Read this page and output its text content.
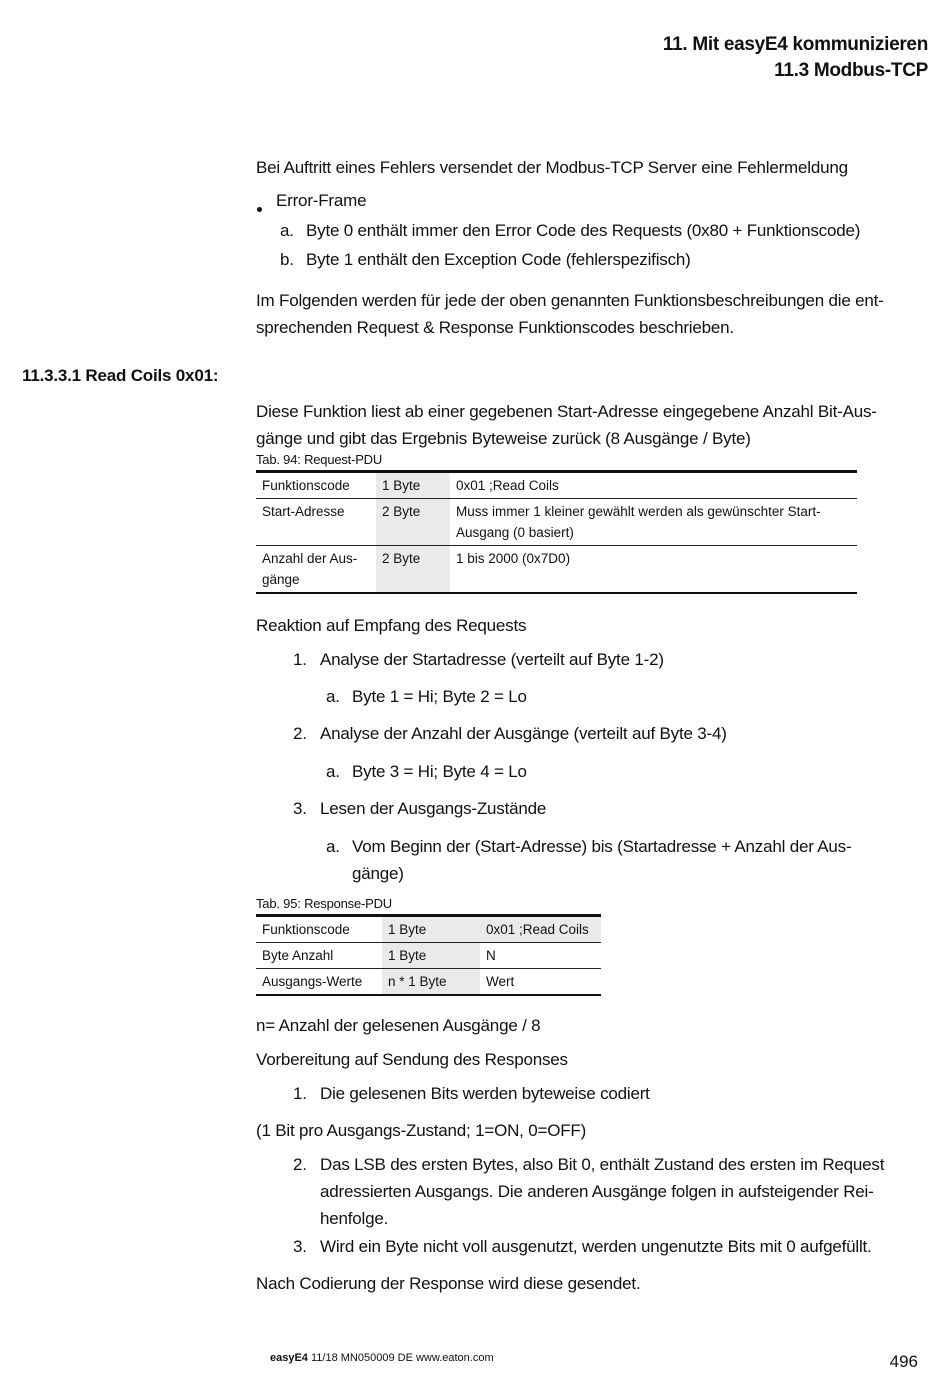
11. Mit easyE4 kommunizieren
11.3 Modbus-TCP
Bei Auftritt eines Fehlers versendet der Modbus-TCP Server eine Fehlermeldung
Error-Frame
a. Byte 0 enthält immer den Error Code des Requests (0x80 + Funktionscode)
b. Byte 1 enthält den Exception Code (fehlerspezifisch)
Im Folgenden werden für jede der oben genannten Funktionsbeschreibungen die ent-
sprechenden Request & Response Funktionscodes beschrieben.
11.3.3.1 Read Coils 0x01:
Diese Funktion liest ab einer gegebenen Start-Adresse eingegebene Anzahl Bit-Aus-
gänge und gibt das Ergebnis Byteweise zurück (8 Ausgänge / Byte)
Tab. 94: Request-PDU
Funktionscode	1 Byte	0x01 ;Read Coils
Start-Adresse	2 Byte	Muss immer 1 kleiner gewählt werden als gewünschter Start-Ausgang (0 basiert)
Anzahl der Aus-gänge	2 Byte	1 bis 2000 (0x7D0)
Reaktion auf Empfang des Requests
1. Analyse der Startadresse (verteilt auf Byte 1-2)
a. Byte 1 = Hi; Byte 2 = Lo
2. Analyse der Anzahl der Ausgänge (verteilt auf Byte 3-4)
a. Byte 3 = Hi; Byte 4 = Lo
3. Lesen der Ausgangs-Zustände
a. Vom Beginn der (Start-Adresse) bis (Startadresse + Anzahl der Aus-
gänge)
Tab. 95: Response-PDU
Funktionscode	1 Byte	0x01 ;Read Coils
Byte Anzahl	1 Byte	N
Ausgangs-Werte	n * 1 Byte	Wert
n= Anzahl der gelesenen Ausgänge / 8
Vorbereitung auf Sendung des Responses
1. Die gelesenen Bits werden byteweise codiert
(1 Bit pro Ausgangs-Zustand; 1=ON, 0=OFF)
2. Das LSB des ersten Bytes, also Bit 0, enthält Zustand des ersten im Request
adressierten Ausgangs. Die anderen Ausgänge folgen in aufsteigender Rei-
henfolge.
3. Wird ein Byte nicht voll ausgenutzt, werden ungenutzte Bits mit 0 aufgefüllt.
Nach Codierung der Response wird diese gesendet.
easyE4 11/18 MN050009 DE www.eaton.com	496
